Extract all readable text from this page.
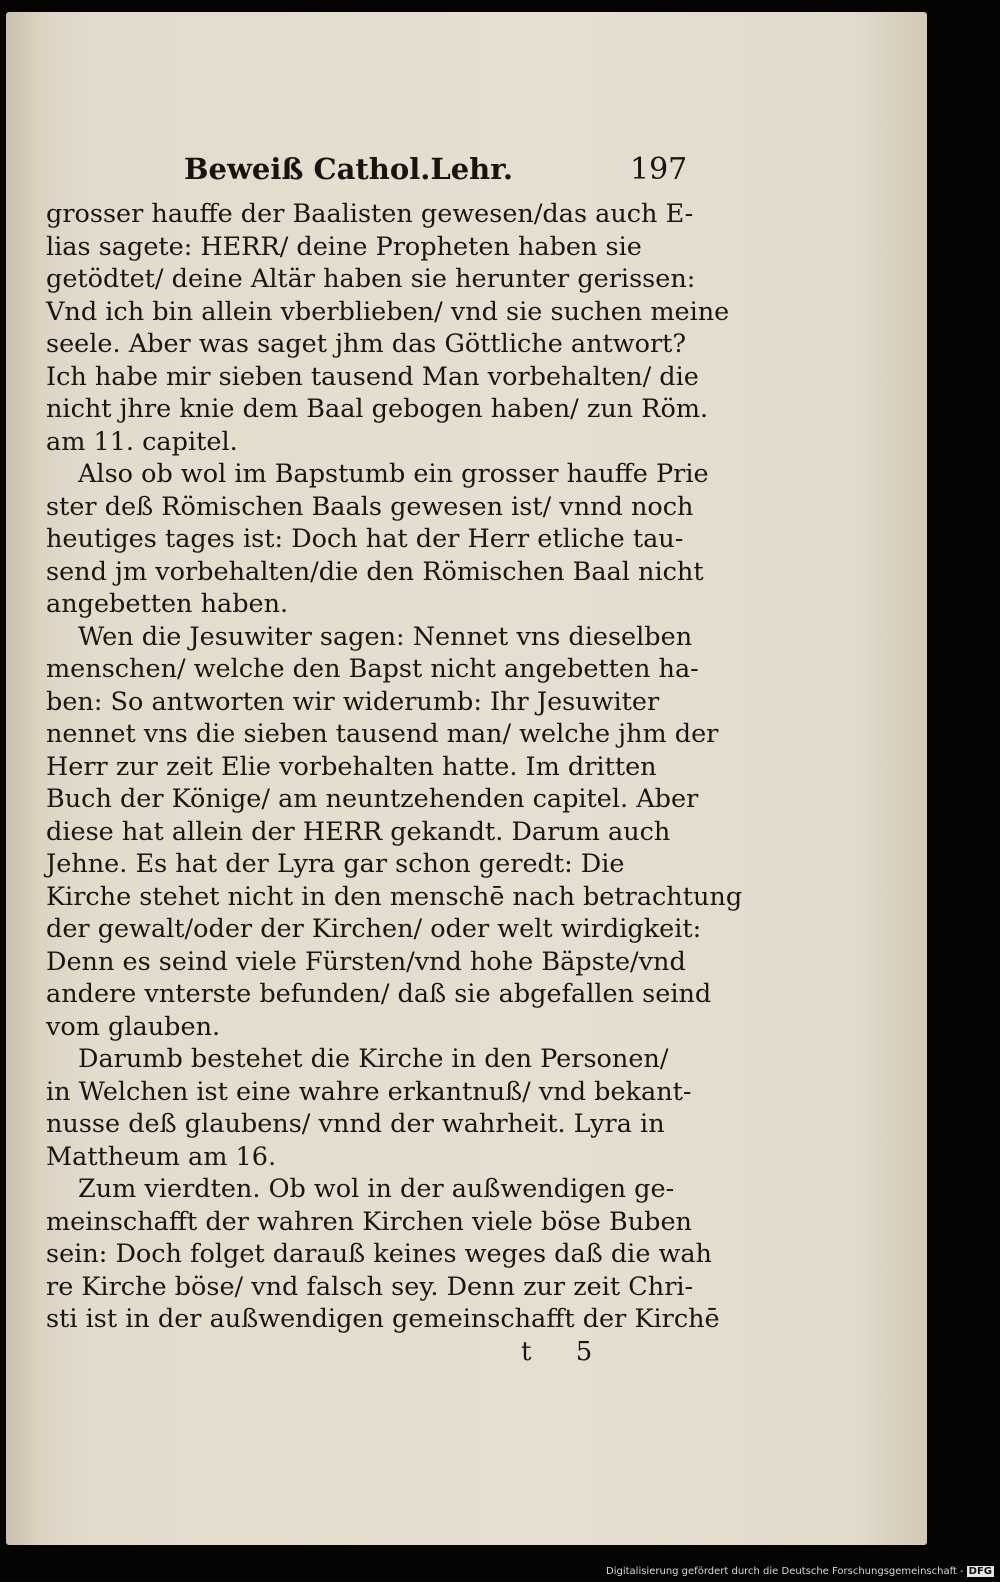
Beweiß Cathol.Lehr.	197
grosser hauffe der Baalisten gewesen/das auch E-
lias sagete: HERR/ deine Propheten haben sie
getödtet/ deine Altär haben sie herunter gerissen:
Vnd ich bin allein vberblieben/ vnd sie suchen meine
seele. Aber was saget jhm das Göttliche antwort?
Ich habe mir sieben tausend Man vorbehalten/ die
nicht jhre knie dem Baal gebogen haben/ zun Röm.
am 11. capitel.
Also ob wol im Bapstumb ein grosser hauffe Prie
ster deß Römischen Baals gewesen ist/ vnnd noch
heutiges tages ist: Doch hat der Herr etliche tau-
send jm vorbehalten/die den Römischen Baal nicht
angebetten haben.
Wen die Jesuwiter sagen: Nennet vns dieselben
menschen/ welche den Bapst nicht angebetten ha-
ben: So antworten wir widerumb: Ihr Jesuwiter
nennet vns die sieben tausend man/ welche jhm der
Herr zur zeit Elie vorbehalten hatte. Im dritten
Buch der Könige/ am neuntzehenden capitel. Aber
diese hat allein der HERR gekandt. Darum auch
Jehne. Es hat der Lyra gar schon geredt: Die
Kirche stehet nicht in den menschē nach betrachtung
der gewalt/oder der Kirchen/ oder welt wirdigkeit:
Denn es seind viele Fürsten/vnd hohe Bäpste/vnd
andere vnterste befunden/ daß sie abgefallen seind
vom glauben.
Darumb bestehet die Kirche in den Personen/
in Welchen ist eine wahre erkantnuß/ vnd bekant-
nusse deß glaubens/ vnnd der wahrheit. Lyra in
Mattheum am 16.
Zum vierdten. Ob wol in der außwendigen ge-
meinschafft der wahren Kirchen viele böse Buben
sein: Doch folget darauß keines weges daß die wah
re Kirche böse/ vnd falsch sey. Denn zur zeit Chri-
sti ist in der außwendigen gemeinschafft der Kirchē
t 5
Digitalisierung gefördert durch die Deutsche Forschungsgemeinschaft - DFG
